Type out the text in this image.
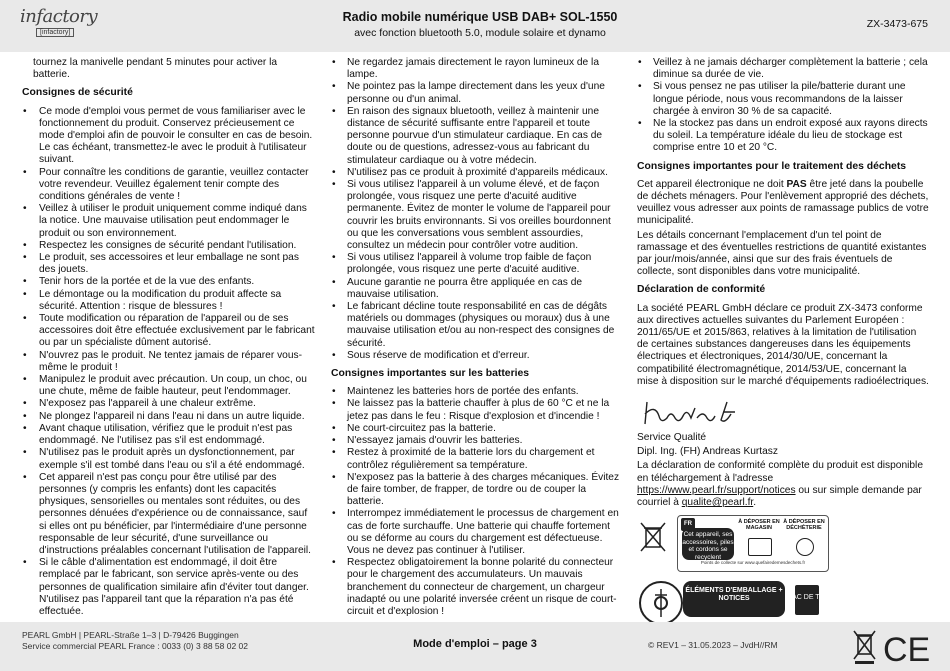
infactory
[infactory]
Radio mobile numérique USB DAB+ SOL-1550
avec fonction bluetooth 5.0, module solaire et dynamo
ZX-3473-675

tournez la manivelle pendant 5 minutes pour activer la batterie.

Consignes de sécurité
• Ce mode d'emploi vous permet de vous familiariser avec le fonctionnement du produit. Conservez précieusement ce mode d'emploi afin de pouvoir le consulter en cas de besoin. Le cas échéant, transmettez-le avec le produit à l'utilisateur suivant.
• Pour connaître les conditions de garantie, veuillez contacter votre revendeur. Veuillez également tenir compte des conditions générales de vente !
• Veillez à utiliser le produit uniquement comme indiqué dans la notice. Une mauvaise utilisation peut endommager le produit ou son environnement.
• Respectez les consignes de sécurité pendant l'utilisation.
• Le produit, ses accessoires et leur emballage ne sont pas des jouets.
• Tenir hors de la portée et de la vue des enfants.
• Le démontage ou la modification du produit affecte sa sécurité. Attention : risque de blessures !
• Toute modification ou réparation de l'appareil ou de ses accessoires doit être effectuée exclusivement par le fabricant ou par un spécialiste dûment autorisé.
• N'ouvrez pas le produit. Ne tentez jamais de réparer vous-même le produit !
• Manipulez le produit avec précaution. Un coup, un choc, ou une chute, même de faible hauteur, peut l'endommager.
• N'exposez pas l'appareil à une chaleur extrême.
• Ne plongez l'appareil ni dans l'eau ni dans un autre liquide.
• Avant chaque utilisation, vérifiez que le produit n'est pas endommagé. Ne l'utilisez pas s'il est endommagé.
• N'utilisez pas le produit après un dysfonctionnement, par exemple s'il est tombé dans l'eau ou s'il a été endommagé.
• Cet appareil n'est pas conçu pour être utilisé par des personnes (y compris les enfants) dont les capacités physiques, sensorielles ou mentales sont réduites, ou des personnes dénuées d'expérience ou de connaissance, sauf si elles ont pu bénéficier, par l'intermédiaire d'une personne responsable de leur sécurité, d'une surveillance ou d'instructions préalables concernant l'utilisation de l'appareil.
• Si le câble d'alimentation est endommagé, il doit être remplacé par le fabricant, son service après-vente ou des personnes de qualification similaire afin d'éviter tout danger. N'utilisez pas l'appareil tant que la réparation n'a pas été effectuée.
• Ne regardez jamais directement le rayon lumineux de la lampe.
• Ne pointez pas la lampe directement dans les yeux d'une personne ou d'un animal.
• En raison des signaux bluetooth, veillez à maintenir une distance de sécurité suffisante entre l'appareil et toute personne pourvue d'un stimulateur cardiaque. En cas de doute ou de questions, adressez-vous au fabricant du stimulateur cardiaque ou à votre médecin.
• N'utilisez pas ce produit à proximité d'appareils médicaux.
• Si vous utilisez l'appareil à un volume élevé, et de façon prolongée, vous risquez une perte d'acuité auditive permanente. Évitez de monter le volume de l'appareil pour couvrir les bruits environnants. Si vos oreilles bourdonnent ou que les conversations vous semblent assourdies, consultez un médecin pour contrôler votre audition.
• Si vous utilisez l'appareil à volume trop faible de façon prolongée, vous risquez une perte d'acuité auditive.
• Aucune garantie ne pourra être appliquée en cas de mauvaise utilisation.
• Le fabricant décline toute responsabilité en cas de dégâts matériels ou dommages (physiques ou moraux) dus à une mauvaise utilisation et/ou au non-respect des consignes de sécurité.
• Sous réserve de modification et d'erreur.
Consignes importantes sur les batteries
• Maintenez les batteries hors de portée des enfants.
• Ne laissez pas la batterie chauffer à plus de 60 °C et ne la jetez pas dans le feu : Risque d'explosion et d'incendie !
• Ne court-circuitez pas la batterie.
• N'essayez jamais d'ouvrir les batteries.
• Restez à proximité de la batterie lors du chargement et contrôlez régulièrement sa température.
• N'exposez pas la batterie à des charges mécaniques. Évitez de faire tomber, de frapper, de tordre ou de couper la batterie.
• Interrompez immédiatement le processus de chargement en cas de forte surchauffe. Une batterie qui chauffe fortement ou se déforme au cours du chargement est défectueuse. Vous ne devez pas continuer à l'utiliser.
• Respectez obligatoirement la bonne polarité du connecteur pour le chargement des accumulateurs. Un mauvais branchement du connecteur de chargement, un chargeur inadapté ou une polarité inversée créent un risque de court-circuit et d'explosion !
• Veillez à ne jamais décharger complètement la batterie ; cela diminue sa durée de vie.
• Si vous pensez ne pas utiliser la pile/batterie durant une longue période, nous vous recommandons de la laisser chargée à environ 30 % de sa capacité.
• Ne la stockez pas dans un endroit exposé aux rayons directs du soleil. La température idéale du lieu de stockage est comprise entre 10 et 20 °C.
Consignes importantes pour le traitement des déchets

Cet appareil électronique ne doit PAS être jeté dans la poubelle de déchets ménagers. Pour l'enlèvement approprié des déchets, veuillez vous adresser aux points de ramassage publics de votre municipalité.

Les détails concernant l'emplacement d'un tel point de ramassage et des éventuelles restrictions de quantité existantes par jour/mois/année, ainsi que sur des frais éventuels de collecte, sont disponibles dans votre municipalité.

Déclaration de conformité

La société PEARL GmbH déclare ce produit ZX-3473 conforme aux directives actuelles suivantes du Parlement Européen : 2011/65/UE et 2015/863, relatives à la limitation de l'utilisation de certaines substances dangereuses dans les équipements électriques et électroniques, 2014/30/UE, concernant la compatibilité électromagnétique, 2014/53/UE, concernant la mise à disposition sur le marché d'équipements radioélectriques.

Service Qualité

Dipl. Ing. (FH) Andreas Kurtasz

La déclaration de conformité complète du produit est disponible en téléchargement à l'adresse https://www.pearl.fr/support/notices ou sur simple demande par courriel à qualite@pearl.fr.

FR
Cet appareil, ses accessoires, piles et cordons se recyclent
À DÉPOSER EN MAGASIN
À DÉPOSER EN DÉCHÈTERIE
Points de collecte sur www.quefairedemesdechets.fr
ÉLÉMENTS D'EMBALLAGE + NOTICES	BAC DE TRI
PEARL GmbH | PEARL-Straße 1–3 | D-79426 Buggingen
Service commercial PEARL France : 0033 (0) 3 88 58 02 02	Mode d'emploi – page 3	© REV1 – 31.05.2023 – JvdH//RM	CE
